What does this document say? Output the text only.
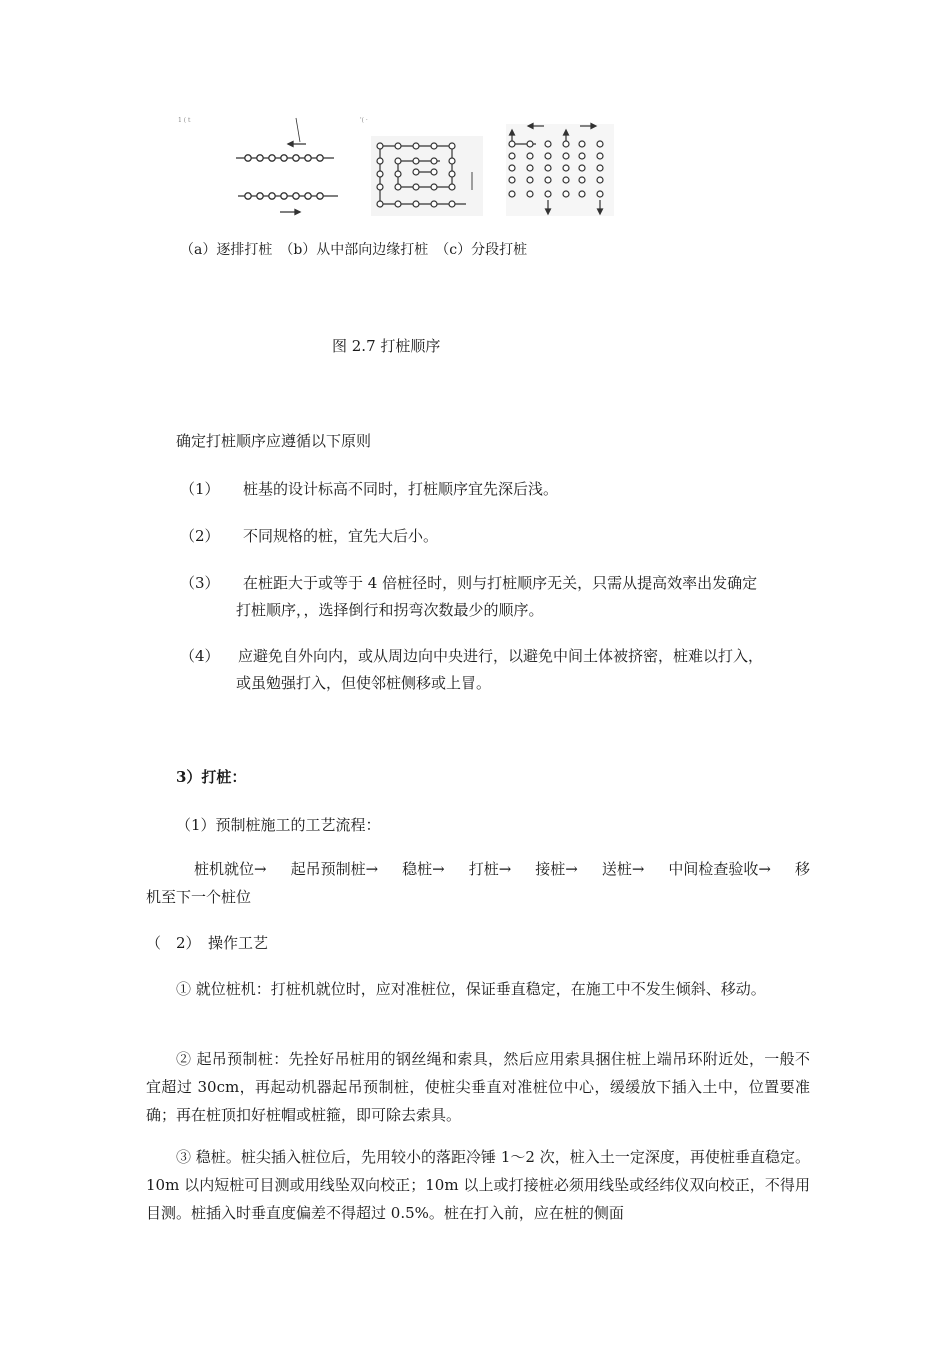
1 ( t	'( ·
（a）逐排打桩　（b）从中部向边缘打桩　（c）分段打桩
图 2.7 打桩顺序
确定打桩顺序应遵循以下原则
（1） 桩基的设计标高不同时，打桩顺序宜先深后浅。
（2） 不同规格的桩，宜先大后小。
（3） 在桩距大于或等于 4 倍桩径时，则与打桩顺序无关，只需从提高效率出发确定
打桩顺序，，选择倒行和拐弯次数最少的顺序。
（4） 应避免自外向内，或从周边向中央进行，以避免中间土体被挤密，桩难以打入，
或虽勉强打入，但使邻桩侧移或上冒。
3）打桩：
（1）预制桩施工的工艺流程：
桩机就位→ 起吊预制桩→ 稳桩→ 打桩→ 接桩→ 送桩→ 中间检查验收→ 移
机至下一个桩位
（　2）　操作工艺
① 就位桩机：打桩机就位时，应对准桩位，保证垂直稳定，在施工中不发生倾斜、移动。
② 起吊预制桩：先拴好吊桩用的钢丝绳和索具，然后应用索具捆住桩上端吊环附近处，一般不宜超过 30cm，再起动机器起吊预制桩，使桩尖垂直对准桩位中心，缓缓放下插入土中，位置要准确；再在桩顶扣好桩帽或桩箍，即可除去索具。
③ 稳桩。桩尖插入桩位后，先用较小的落距冷锤 1～2 次，桩入土一定深度，再使桩垂直稳定。10m 以内短桩可目测或用线坠双向校正；10m 以上或打接桩必须用线坠或经纬仪双向校正，不得用目测。桩插入时垂直度偏差不得超过 0.5%。桩在打入前，应在桩的侧面
